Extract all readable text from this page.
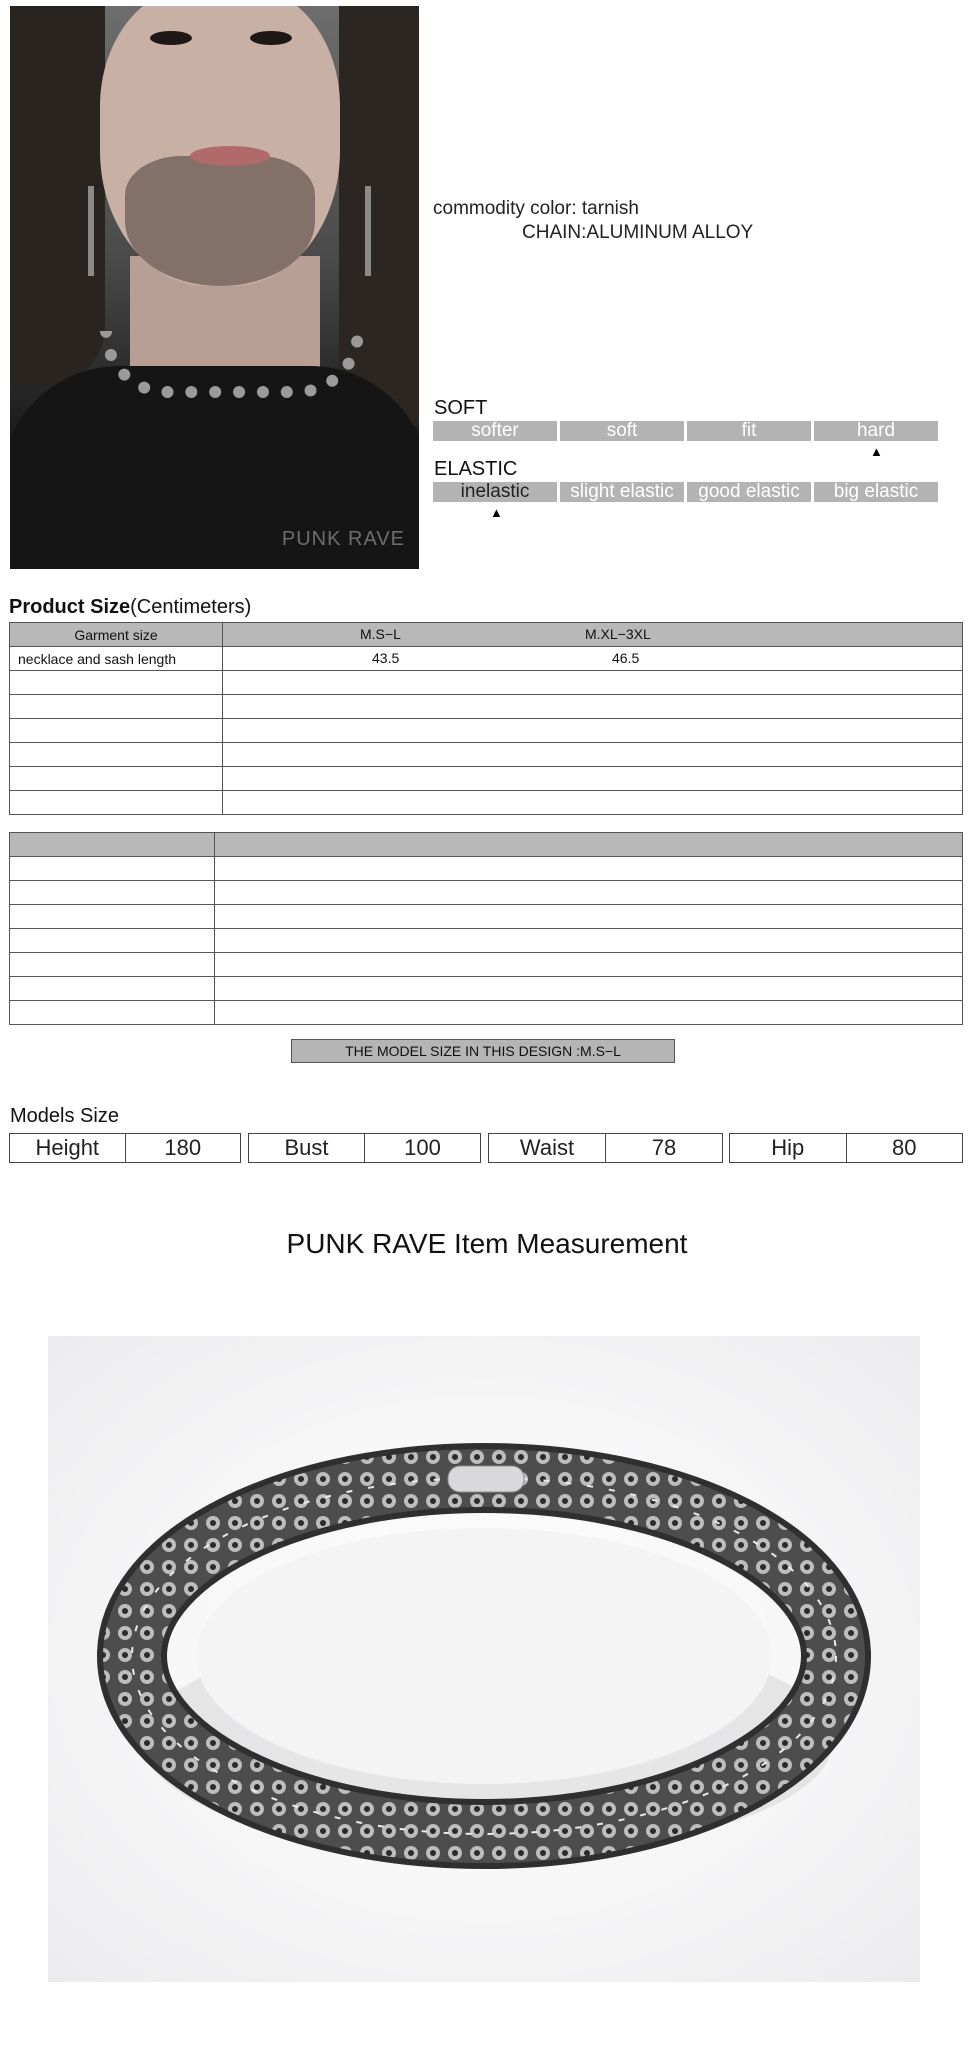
PUNK RAVE
commodity color: tarnish
CHAIN:ALUMINUM ALLOY
SOFT
softer	soft	fit	hard
▲
ELASTIC
inelastic	slight elastic	good elastic	big elastic
▲
Product Size(Centimeters)
Garment size	M.S−L M.XL−3XL

necklace and sash length	43.5 46.5

THE MODEL SIZE IN THIS DESIGN :M.S−L
Models Size
Height	180	Bust	100	Waist	78	Hip	80
PUNK RAVE Item Measurement
